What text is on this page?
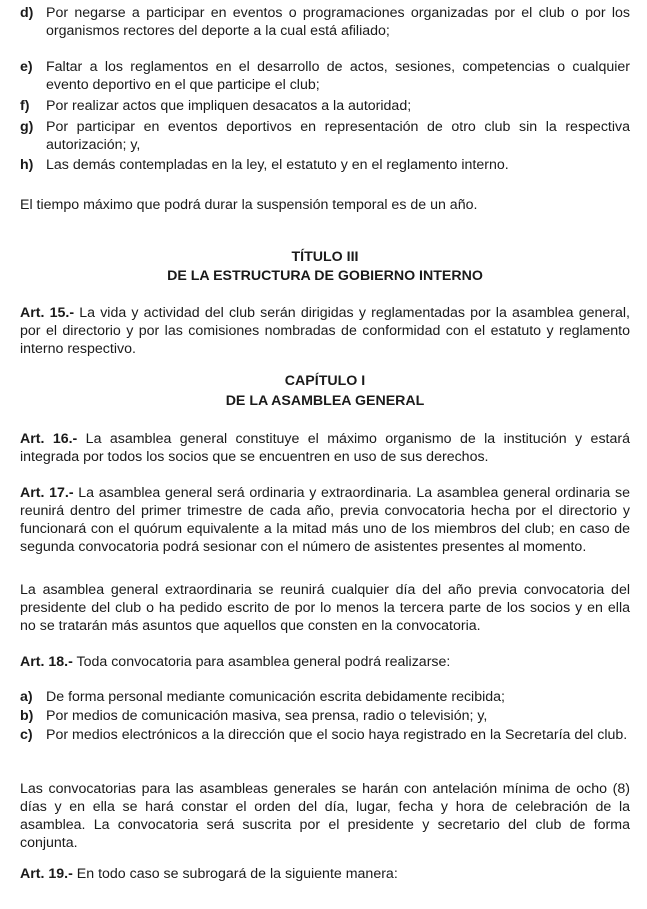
d) Por negarse a participar en eventos o programaciones organizadas por el club o por los organismos rectores del deporte a la cual está afiliado;
e) Faltar a los reglamentos en el desarrollo de actos, sesiones, competencias o cualquier evento deportivo en el que participe el club;
f) Por realizar actos que impliquen desacatos a la autoridad;
g) Por participar en eventos deportivos en representación de otro club sin la respectiva autorización; y,
h) Las demás contempladas en la ley, el estatuto y en el reglamento interno.
El tiempo máximo que podrá durar la suspensión temporal es de un año.
TÍTULO III
DE LA ESTRUCTURA DE GOBIERNO INTERNO
Art. 15.- La vida y actividad del club serán dirigidas y reglamentadas por la asamblea general, por el directorio y por las comisiones nombradas de conformidad con el estatuto y reglamento interno respectivo.
CAPÍTULO I
DE LA ASAMBLEA GENERAL
Art. 16.- La asamblea general constituye el máximo organismo de la institución y estará integrada por todos los socios que se encuentren en uso de sus derechos.
Art. 17.- La asamblea general será ordinaria y extraordinaria. La asamblea general ordinaria se reunirá dentro del primer trimestre de cada año, previa convocatoria hecha por el directorio y funcionará con el quórum equivalente a la mitad más uno de los miembros del club; en caso de segunda convocatoria podrá sesionar con el número de asistentes presentes al momento.
La asamblea general extraordinaria se reunirá cualquier día del año previa convocatoria del presidente del club o ha pedido escrito de por lo menos la tercera parte de los socios y en ella no se tratarán más asuntos que aquellos que consten en la convocatoria.
Art. 18.- Toda convocatoria para asamblea general podrá realizarse:
a) De forma personal mediante comunicación escrita debidamente recibida;
b) Por medios de comunicación masiva, sea prensa, radio o televisión; y,
c) Por medios electrónicos a la dirección que el socio haya registrado en la Secretaría del club.
Las convocatorias para las asambleas generales se harán con antelación mínima de ocho (8) días y en ella se hará constar el orden del día, lugar, fecha y hora de celebración de la asamblea. La convocatoria será suscrita por el presidente y secretario del club de forma conjunta.
Art. 19.- En todo caso se subrogará de la siguiente manera:
